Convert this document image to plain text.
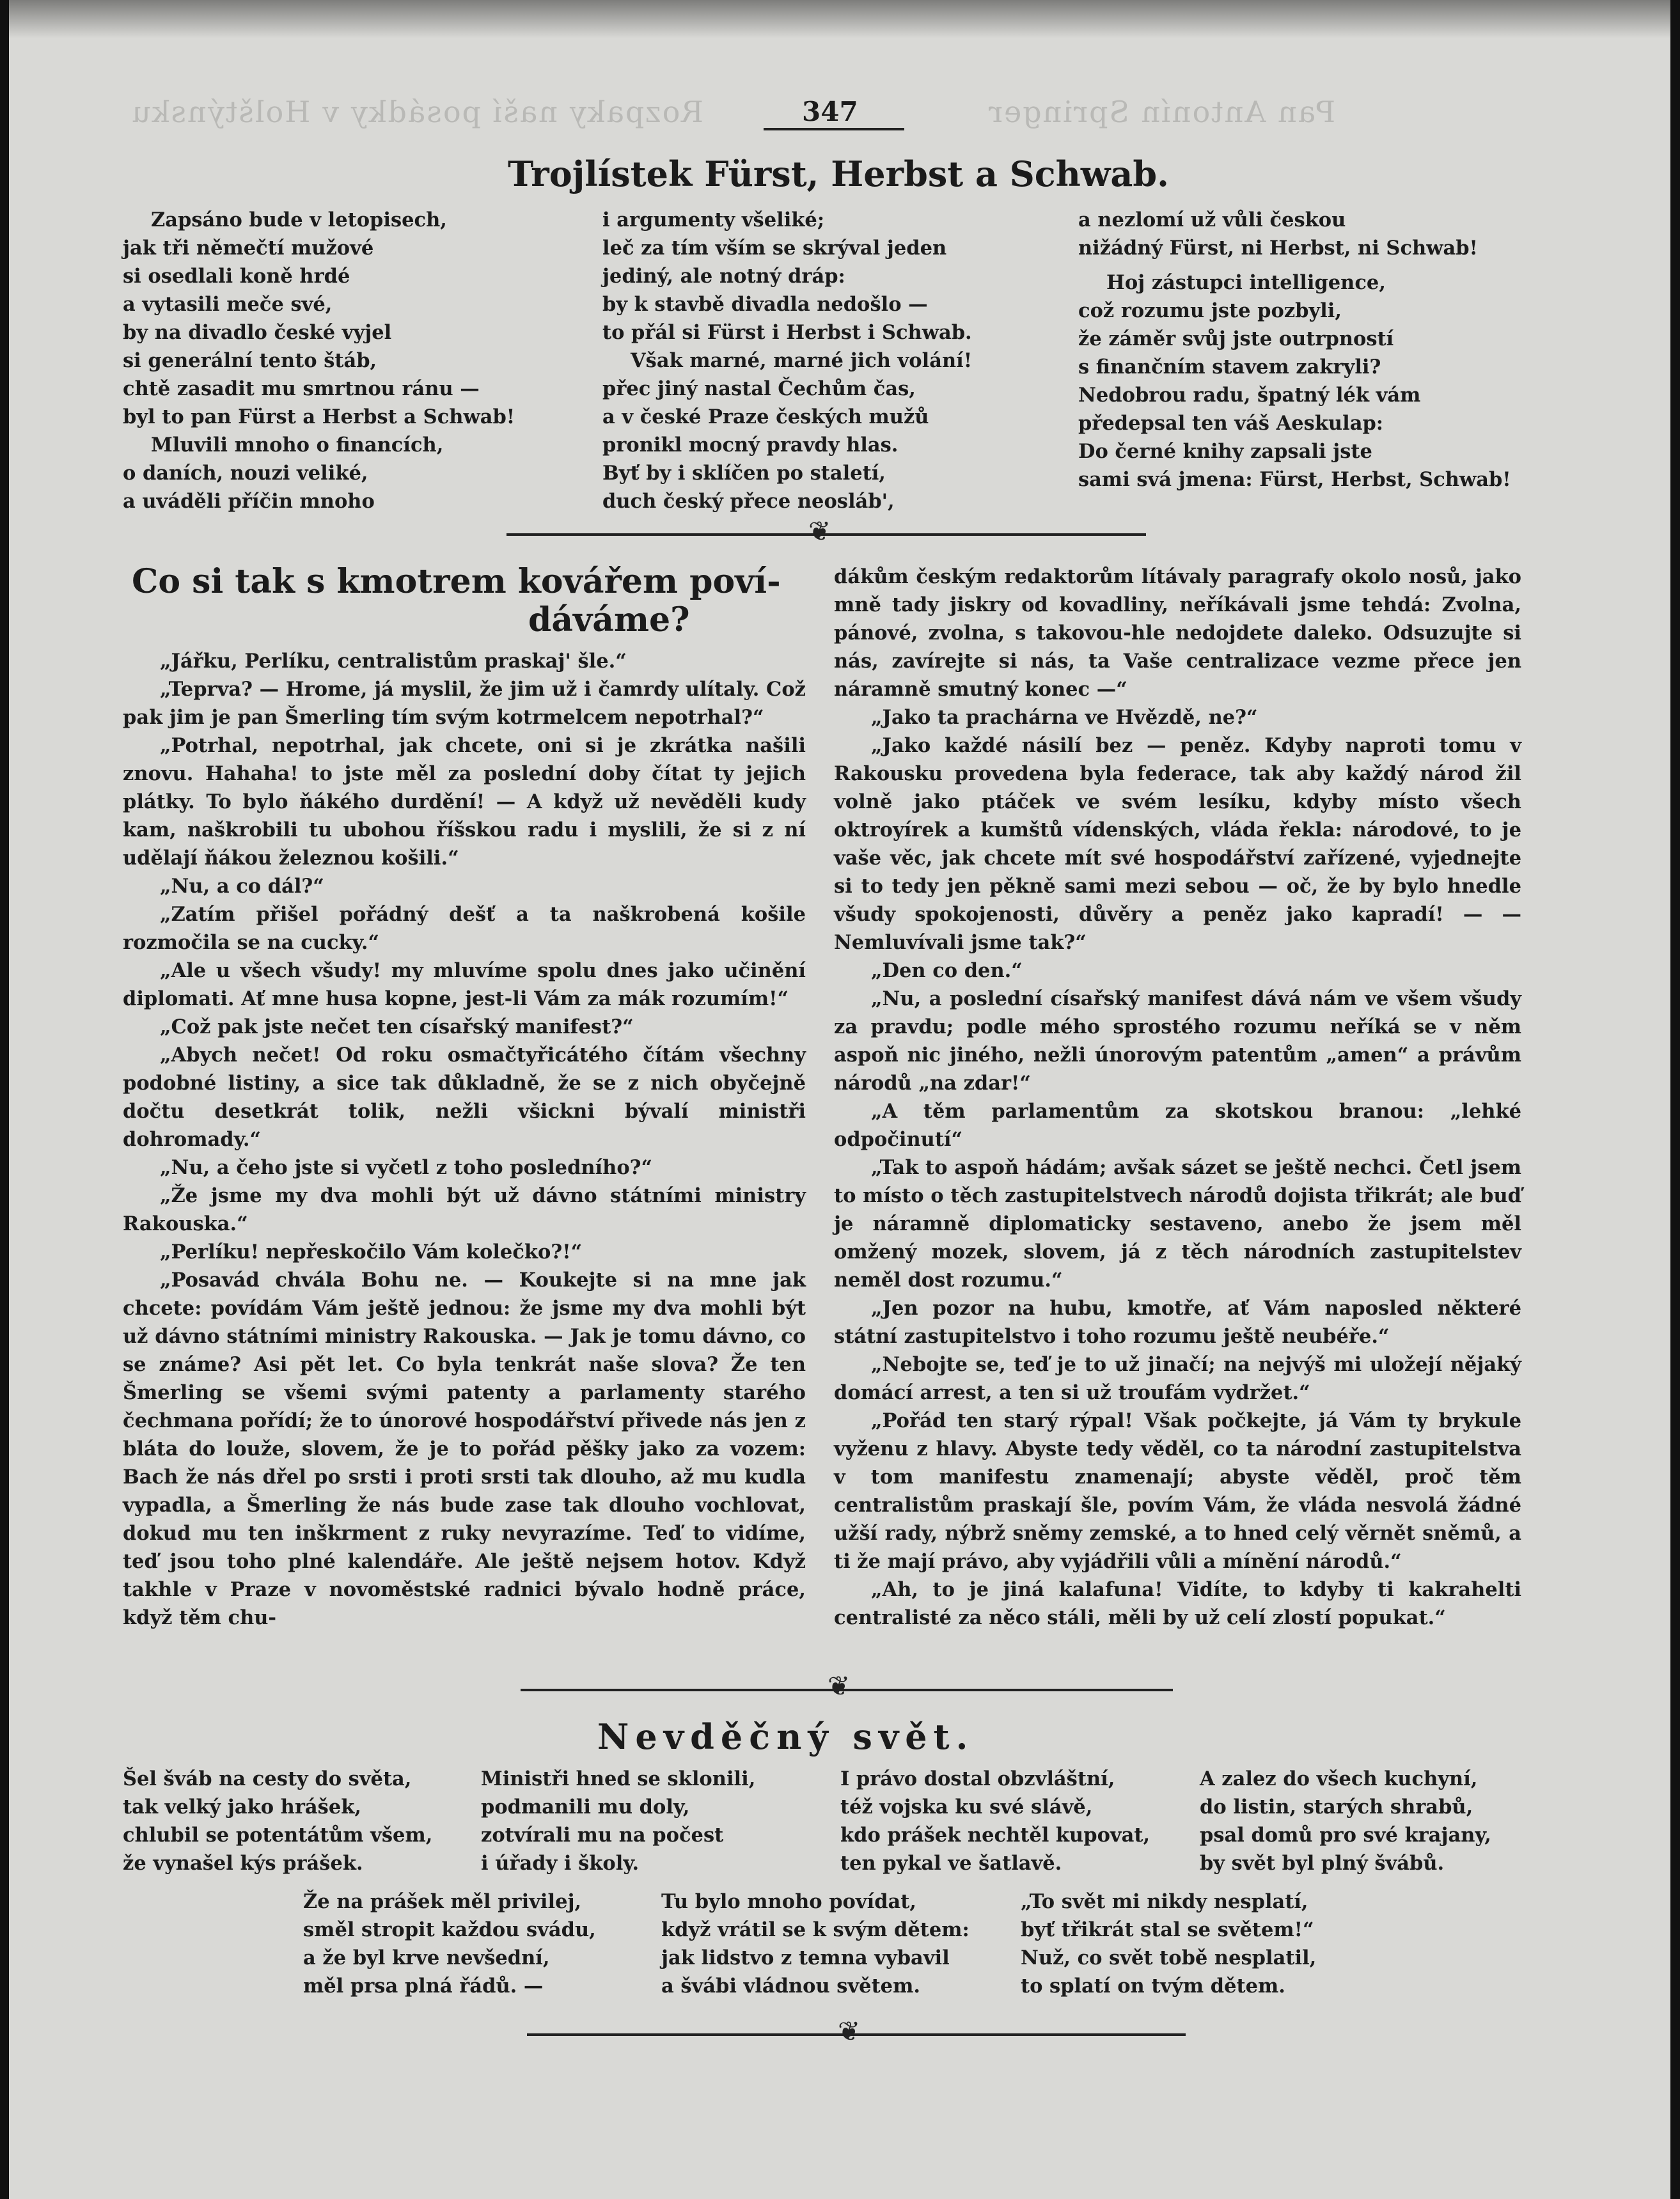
Rozpaky naší posádky v Holštýnsku	Pan Antonín Springer
347
Trojlístek Fürst, Herbst a Schwab.
Zapsáno bude v letopisech,
jak tři němečtí mužové
si osedlali koně hrdé
a vytasili meče své,
by na divadlo české vyjel
si generální tento štáb,
chtě zasadit mu smrtnou ránu —
byl to pan Fürst a Herbst a Schwab!
Mluvili mnoho o financích,
o daních, nouzi veliké,
a uváděli příčin mnoho
i argumenty všeliké;
leč za tím vším se skrýval jeden
jediný, ale notný dráp:
by k stavbě divadla nedošlo —
to přál si Fürst i Herbst i Schwab.
Však marné, marné jich volání!
přec jiný nastal Čechům čas,
a v české Praze českých mužů
pronikl mocný pravdy hlas.
Byť by i sklíčen po staletí,
duch český přece neosláb',
a nezlomí už vůli českou
nižádný Fürst, ni Herbst, ni Schwab!
Hoj zástupci intelligence,
což rozumu jste pozbyli,
že záměr svůj jste outrpností
s finančním stavem zakryli?
Nedobrou radu, špatný lék vám
předepsal ten váš Aeskulap:
Do černé knihy zapsali jste
sami svá jmena: Fürst, Herbst, Schwab!
❦
Co si tak s kmotrem kovářem poví-
dáváme?

„Jářku, Perlíku, centralistům praskaj' šle.“

„Teprva? — Hrome, já myslil, že jim už i čamrdy ulítaly. Což pak jim je pan Šmerling tím svým kotrmelcem nepotrhal?“

„Potrhal, nepotrhal, jak chcete, oni si je zkrátka našili znovu. Hahaha! to jste měl za poslední doby čítat ty jejich plátky. To bylo ňákého durdění! — A když už nevěděli kudy kam, naškrobili tu ubohou říšskou radu i myslili, že si z ní udělají ňákou železnou košili.“

„Nu, a co dál?“

„Zatím přišel pořádný dešť a ta naškrobená košile rozmočila se na cucky.“

„Ale u všech všudy! my mluvíme spolu dnes jako učinění diplomati. Ať mne husa kopne, jest-li Vám za mák rozumím!“

„Což pak jste nečet ten císařský manifest?“

„Abych nečet! Od roku osmačtyřicátého čítám všechny podobné listiny, a sice tak důkladně, že se z nich obyčejně dočtu desetkrát tolik, nežli všickni bývalí ministři dohromady.“

„Nu, a čeho jste si vyčetl z toho posledního?“

„Že jsme my dva mohli být už dávno státními ministry Rakouska.“

„Perlíku! nepřeskočilo Vám kolečko?!“

„Posavád chvála Bohu ne. — Koukejte si na mne jak chcete: povídám Vám ještě jednou: že jsme my dva mohli být už dávno státními ministry Rakouska. — Jak je tomu dávno, co se známe? Asi pět let. Co byla tenkrát naše slova? Že ten Šmerling se všemi svými patenty a parlamenty starého čechmana pořídí; že to únorové hospodářství přivede nás jen z bláta do louže, slovem, že je to pořád pěšky jako za vozem: Bach že nás dřel po srsti i proti srsti tak dlouho, až mu kudla vypadla, a Šmerling že nás bude zase tak dlouho vochlovat, dokud mu ten inškrment z ruky nevyrazíme. Teď to vidíme, teď jsou toho plné kalendáře. Ale ještě nejsem hotov. Když takhle v Praze v novoměstské radnici bývalo hodně práce, když těm chu-

dákům českým redaktorům lítávaly paragrafy okolo nosů, jako mně tady jiskry od kovadliny, neříkávali jsme tehdá: Zvolna, pánové, zvolna, s takovou-hle nedojdete daleko. Odsuzujte si nás, zavírejte si nás, ta Vaše centralizace vezme přece jen náramně smutný konec —“

„Jako ta prachárna ve Hvězdě, ne?“

„Jako každé násilí bez — peněz. Kdyby naproti tomu v Rakousku provedena byla federace, tak aby každý národ žil volně jako ptáček ve svém lesíku, kdyby místo všech oktroyírek a kumštů vídenských, vláda řekla: národové, to je vaše věc, jak chcete mít své hospodářství zařízené, vyjednejte si to tedy jen pěkně sami mezi sebou — oč, že by bylo hnedle všudy spokojenosti, důvěry a peněz jako kapradí! — — Nemluvívali jsme tak?“

„Den co den.“

„Nu, a poslední císařský manifest dává nám ve všem všudy za pravdu; podle mého sprostého rozumu neříká se v něm aspoň nic jiného, nežli únorovým patentům „amen“ a právům národů „na zdar!“

„A těm parlamentům za skotskou branou: „lehké odpočinutí“

„Tak to aspoň hádám; avšak sázet se ještě nechci. Četl jsem to místo o těch zastupitelstvech národů dojista třikrát; ale buď je náramně diplomaticky sestaveno, anebo že jsem měl omžený mozek, slovem, já z těch národních zastupitelstev neměl dost rozumu.“

„Jen pozor na hubu, kmotře, ať Vám naposled některé státní zastupitelstvo i toho rozumu ještě neubéře.“

„Nebojte se, teď je to už jinačí; na nejvýš mi uložejí nějaký domácí arrest, a ten si už troufám vydržet.“

„Pořád ten starý rýpal! Však počkejte, já Vám ty brykule vyženu z hlavy. Abyste tedy věděl, co ta národní zastupitelstva v tom manifestu znamenají; abyste věděl, proč těm centralistům praskají šle, povím Vám, že vláda nesvolá žádné užší rady, nýbrž sněmy zemské, a to hned celý věrnět sněmů, a ti že mají právo, aby vyjádřili vůli a mínění národů.“

„Ah, to je jiná kalafuna! Vidíte, to kdyby ti kakrahelti centralisté za něco stáli, měli by už celí zlostí popukat.“

❦
Nevděčný svět.
Šel šváb na cesty do světa,
tak velký jako hrášek,
chlubil se potentátům všem,
že vynašel kýs prášek.
Ministři hned se sklonili,
podmanili mu doly,
zotvírali mu na počest
i úřady i školy.
I právo dostal obzvláštní,
též vojska ku své slávě,
kdo prášek nechtěl kupovat,
ten pykal ve šatlavě.
A zalez do všech kuchyní,
do listin, starých shrabů,
psal domů pro své krajany,
by svět byl plný švábů.
Že na prášek měl privilej,
směl stropit každou svádu,
a že byl krve nevšední,
měl prsa plná řádů. —
Tu bylo mnoho povídat,
když vrátil se k svým dětem:
jak lidstvo z temna vybavil
a švábi vládnou světem.
„To svět mi nikdy nesplatí,
byť třikrát stal se světem!“
Nuž, co svět tobě nesplatil,
to splatí on tvým dětem.
❦
